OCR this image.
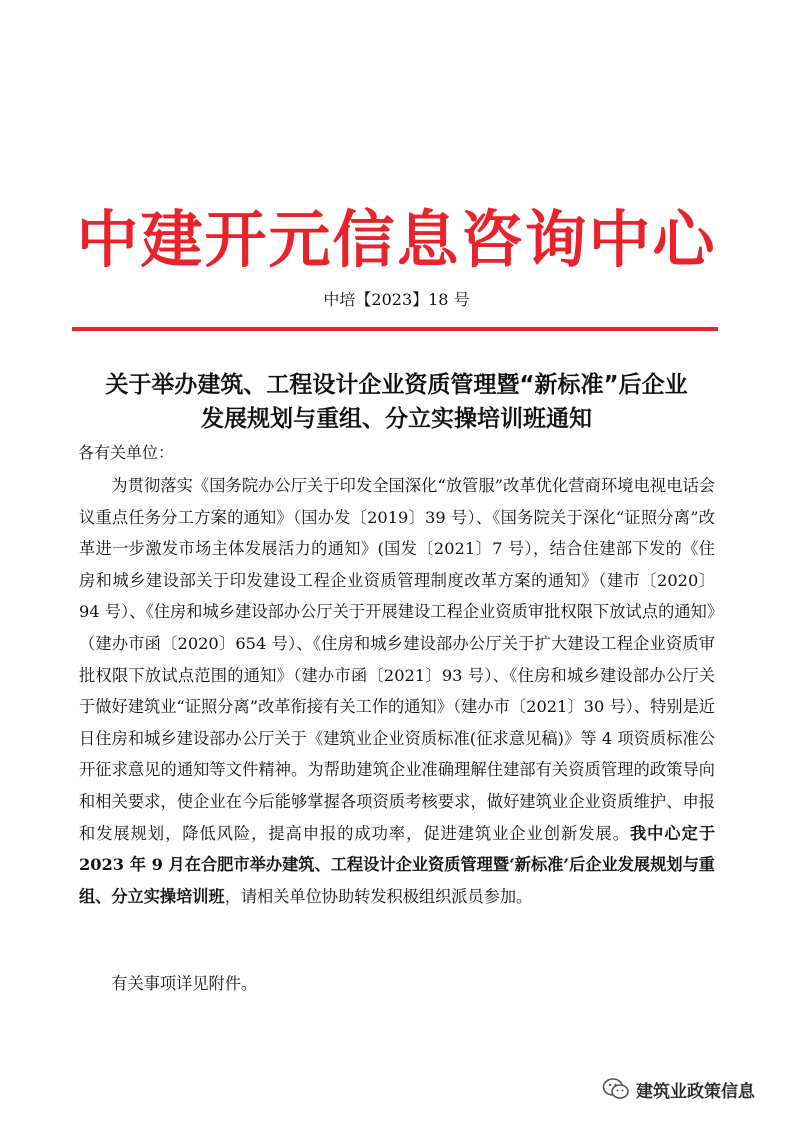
中建开元信息咨询中心
中培【2023】18 号
关于举办建筑、工程设计企业资质管理暨“新标准”后企业
发展规划与重组、分立实操培训班通知
各有关单位：
为贯彻落实《国务院办公厅关于印发全国深化“放管服”改革优化营商环境电视电话会议重点任务分工方案的通知》（国办发〔2019〕39 号）、《国务院关于深化“证照分离”改革进一步激发市场主体发展活力的通知》(国发〔2021〕7 号），结合住建部下发的《住房和城乡建设部关于印发建设工程企业资质管理制度改革方案的通知》（建市〔2020〕94 号）、《住房和城乡建设部办公厅关于开展建设工程企业资质审批权限下放试点的通知》（建办市函〔2020〕654 号）、《住房和城乡建设部办公厅关于扩大建设工程企业资质审批权限下放试点范围的通知》（建办市函〔2021〕93 号）、《住房和城乡建设部办公厅关于做好建筑业“证照分离”改革衔接有关工作的通知》（建办市〔2021〕30 号）、特别是近日住房和城乡建设部办公厅关于《建筑业企业资质标准(征求意见稿)》等 4 项资质标准公开征求意见的通知等文件精神。为帮助建筑企业准确理解住建部有关资质管理的政策导向和相关要求，使企业在今后能够掌握各项资质考核要求，做好建筑业企业资质维护、申报和发展规划，降低风险，提高申报的成功率，促进建筑业企业创新发展。我中心定于 2023 年 9 月在合肥市举办建筑、工程设计企业资质管理暨‘新标准’后企业发展规划与重组、分立实操培训班，请相关单位协助转发积极组织派员参加。
有关事项详见附件。
建筑业政策信息
